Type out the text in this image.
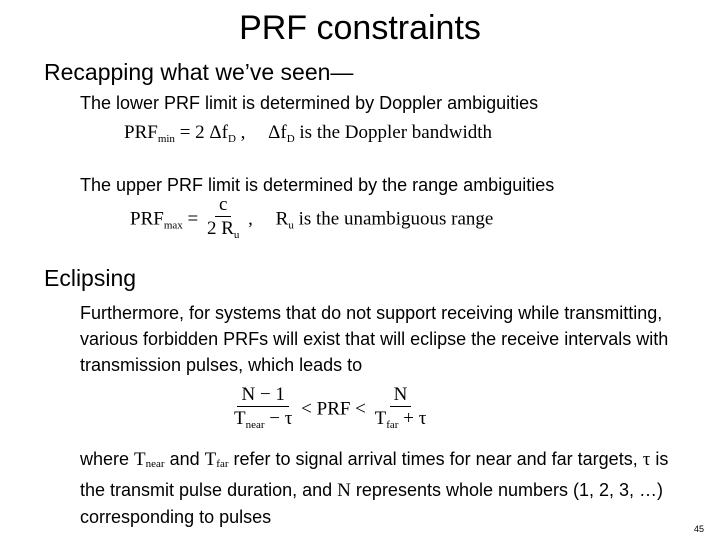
PRF constraints
Recapping what we’ve seen—
The lower PRF limit is determined by Doppler ambiguities
$PRF_{min} = 2$ $\Delta f_D$ , $\Delta f_D$ is the Doppler bandwidth
The upper PRF limit is determined by the range ambiguities
$PRF_{max} = \frac{c}{2 R_u}$ , $R_u$ is the unambiguous range
Eclipsing
Furthermore, for systems that do not support receiving while transmitting, various forbidden PRFs will exist that will eclipse the receive intervals with transmission pulses, which leads to
$\frac{N - 1}{T_{near} - \tau}$ < PRF < $\frac{N}{T_{far} + \tau}$
where $T_{near}$ and $T_{far}$ refer to signal arrival times for near and far targets, τ is the transmit pulse duration, and N represents whole numbers (1, 2, 3, …) corresponding to pulses
45
